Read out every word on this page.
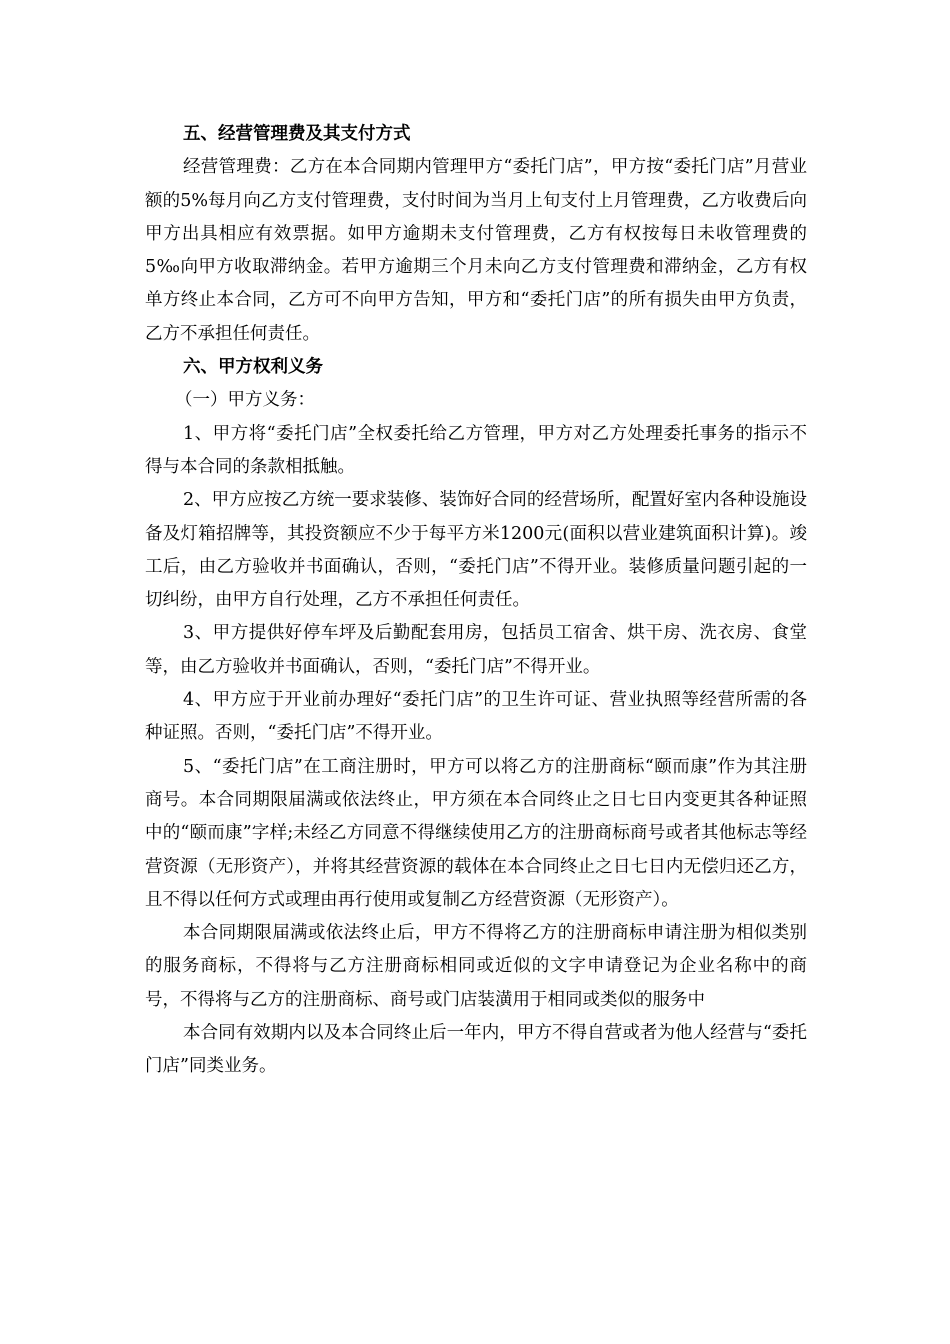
五、经营管理费及其支付方式

经营管理费：乙方在本合同期内管理甲方“委托门店”，甲方按“委托门店”月营业额的5%每月向乙方支付管理费，支付时间为当月上旬支付上月管理费，乙方收费后向甲方出具相应有效票据。如甲方逾期未支付管理费，乙方有权按每日未收管理费的5‰向甲方收取滞纳金。若甲方逾期三个月未向乙方支付管理费和滞纳金，乙方有权单方终止本合同，乙方可不向甲方告知，甲方和“委托门店”的所有损失由甲方负责，乙方不承担任何责任。

六、甲方权利义务

（一）甲方义务：

1、甲方将“委托门店”全权委托给乙方管理，甲方对乙方处理委托事务的指示不得与本合同的条款相抵触。

2、甲方应按乙方统一要求装修、装饰好合同的经营场所，配置好室内各种设施设备及灯箱招牌等，其投资额应不少于每平方米1200元(面积以营业建筑面积计算)。竣工后，由乙方验收并书面确认，否则，“委托门店”不得开业。装修质量问题引起的一切纠纷，由甲方自行处理，乙方不承担任何责任。

3、甲方提供好停车坪及后勤配套用房，包括员工宿舍、烘干房、洗衣房、食堂等，由乙方验收并书面确认，否则，“委托门店”不得开业。

4、甲方应于开业前办理好“委托门店”的卫生许可证、营业执照等经营所需的各种证照。否则，“委托门店”不得开业。

5、“委托门店”在工商注册时，甲方可以将乙方的注册商标“颐而康”作为其注册商号。本合同期限届满或依法终止，甲方须在本合同终止之日七日内变更其各种证照中的“颐而康”字样;未经乙方同意不得继续使用乙方的注册商标商号或者其他标志等经营资源（无形资产），并将其经营资源的载体在本合同终止之日七日内无偿归还乙方，且不得以任何方式或理由再行使用或复制乙方经营资源（无形资产）。

本合同期限届满或依法终止后，甲方不得将乙方的注册商标申请注册为相似类别的服务商标，不得将与乙方注册商标相同或近似的文字申请登记为企业名称中的商号，不得将与乙方的注册商标、商号或门店装潢用于相同或类似的服务中

本合同有效期内以及本合同终止后一年内，甲方不得自营或者为他人经营与“委托门店”同类业务。
